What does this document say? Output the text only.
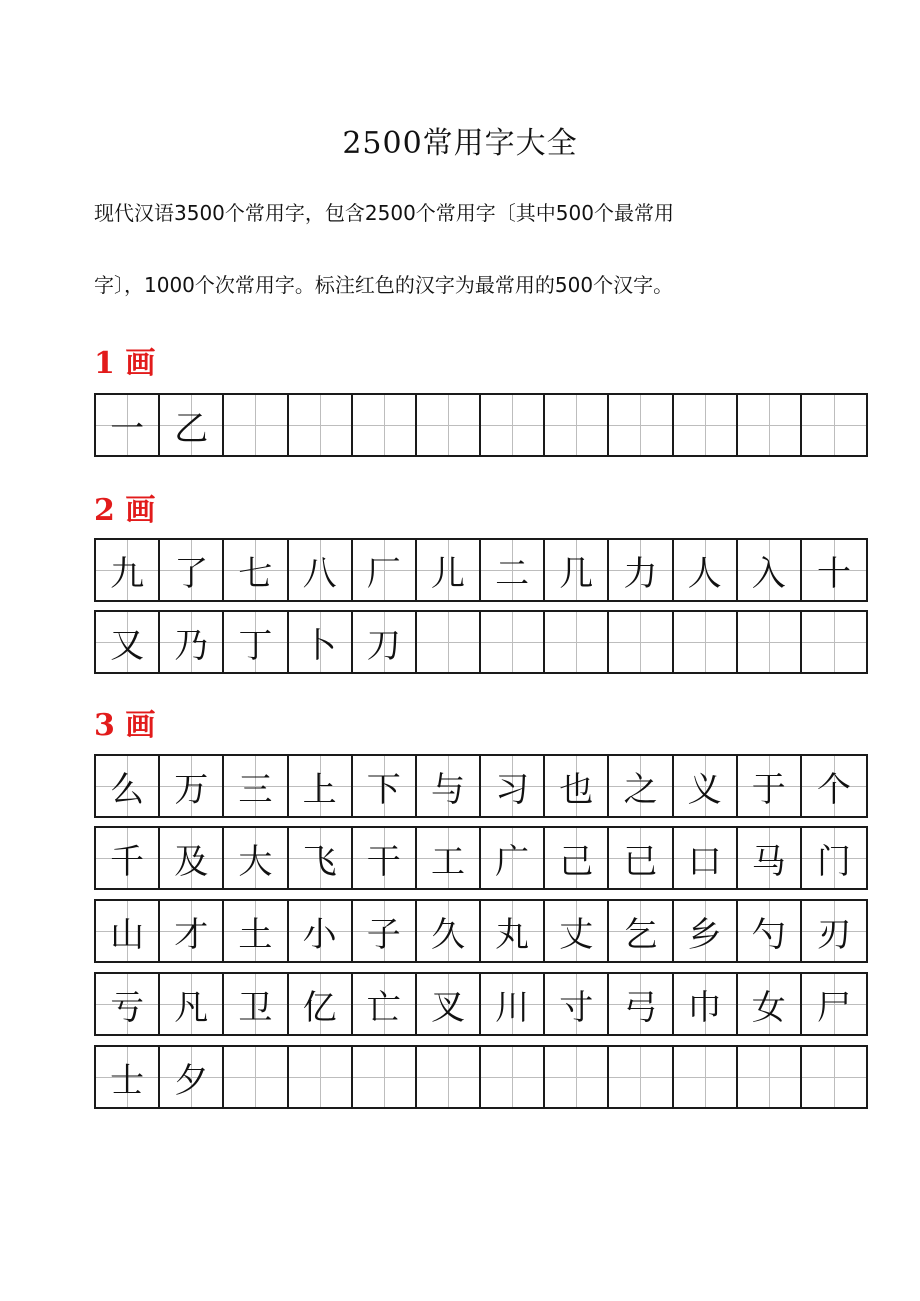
2500常用字大全
现代汉语3500个常用字，包含2500个常用字〔其中500个最常用
字〕，1000个次常用字。标注红色的汉字为最常用的500个汉字。
1 画
一 乙
2 画
九 了 七 八 厂 儿 二 几 力 人 入 十
又 乃 丁 卜 刀
3 画
么 万 三 上 下 与 习 也 之 义 于 个
千 及 大 飞 干 工 广 己 已 口 马 门
山 才 土 小 子 久 丸 丈 乞 乡 勺 刃
亏 凡 卫 亿 亡 叉 川 寸 弓 巾 女 尸
士 夕
